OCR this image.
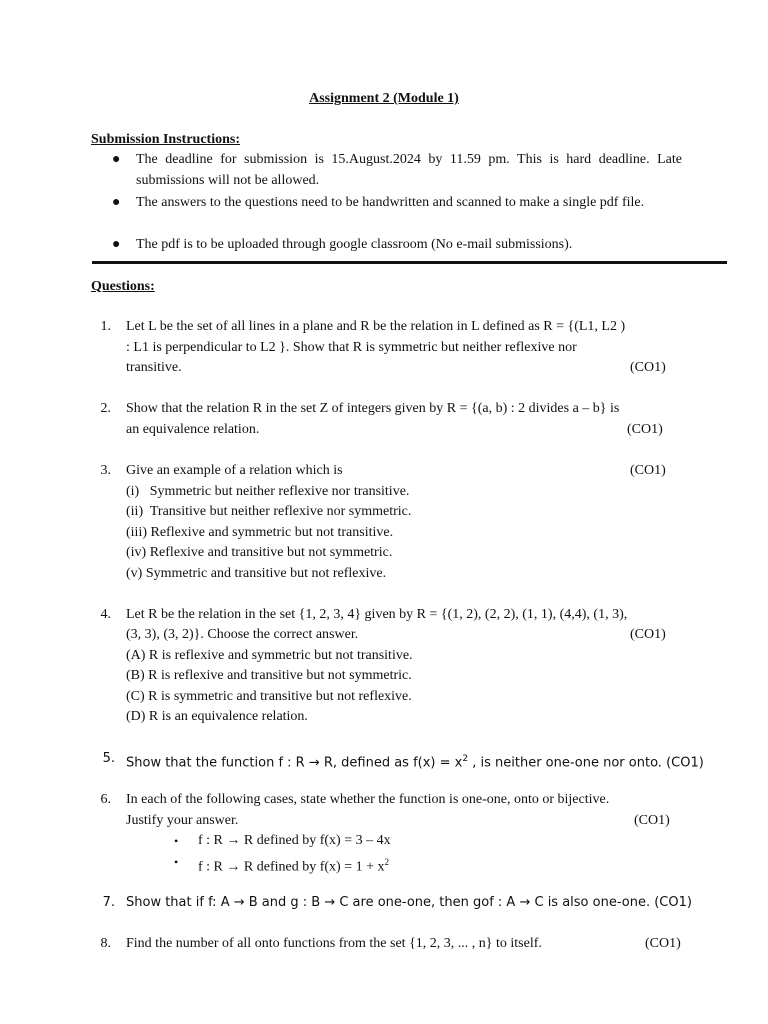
Assignment 2 (Module 1)
Submission Instructions:
● The deadline for submission is 15.August.2024 by 11.59 pm. This is hard deadline. Late submissions will not be allowed.
● The answers to the questions need to be handwritten and scanned to make a single pdf file.
● The pdf is to be uploaded through google classroom (No e-mail submissions).
Questions:
1. Let L be the set of all lines in a plane and R be the relation in L defined as R = {(L1, L2 )
: L1 is perpendicular to L2 }. Show that R is symmetric but neither reflexive nor
transitive.	(CO1)
2. Show that the relation R in the set Z of integers given by R = {(a, b) : 2 divides a – b} is
an equivalence relation.	(CO1)
3. Give an example of a relation which is	(CO1)
(i)   Symmetric but neither reflexive nor transitive.
(ii)  Transitive but neither reflexive nor symmetric.
(iii) Reflexive and symmetric but not transitive.
(iv) Reflexive and transitive but not symmetric.
(v) Symmetric and transitive but not reflexive.
4. Let R be the relation in the set {1, 2, 3, 4} given by R = {(1, 2), (2, 2), (1, 1), (4,4), (1, 3),
(3, 3), (3, 2)}. Choose the correct answer.	(CO1)
(A) R is reflexive and symmetric but not transitive.
(B) R is reflexive and transitive but not symmetric.
(C) R is symmetric and transitive but not reflexive.
(D) R is an equivalence relation.
5. Show that the function f : R → R, defined as $f(x) = x^2$ , is neither one-one nor onto. (CO1)
6. In each of the following cases, state whether the function is one-one, onto or bijective.
Justify your answer.	(CO1)
• f : R → R defined by f(x) = 3 – 4x
• f : R → R defined by $f(x) = 1 + x^2$
7. Show that if f: A → B and g : B → C are one-one, then gof : A → C is also one-one. (CO1)
8. Find the number of all onto functions from the set {1, 2, 3, ... , n} to itself.	(CO1)
